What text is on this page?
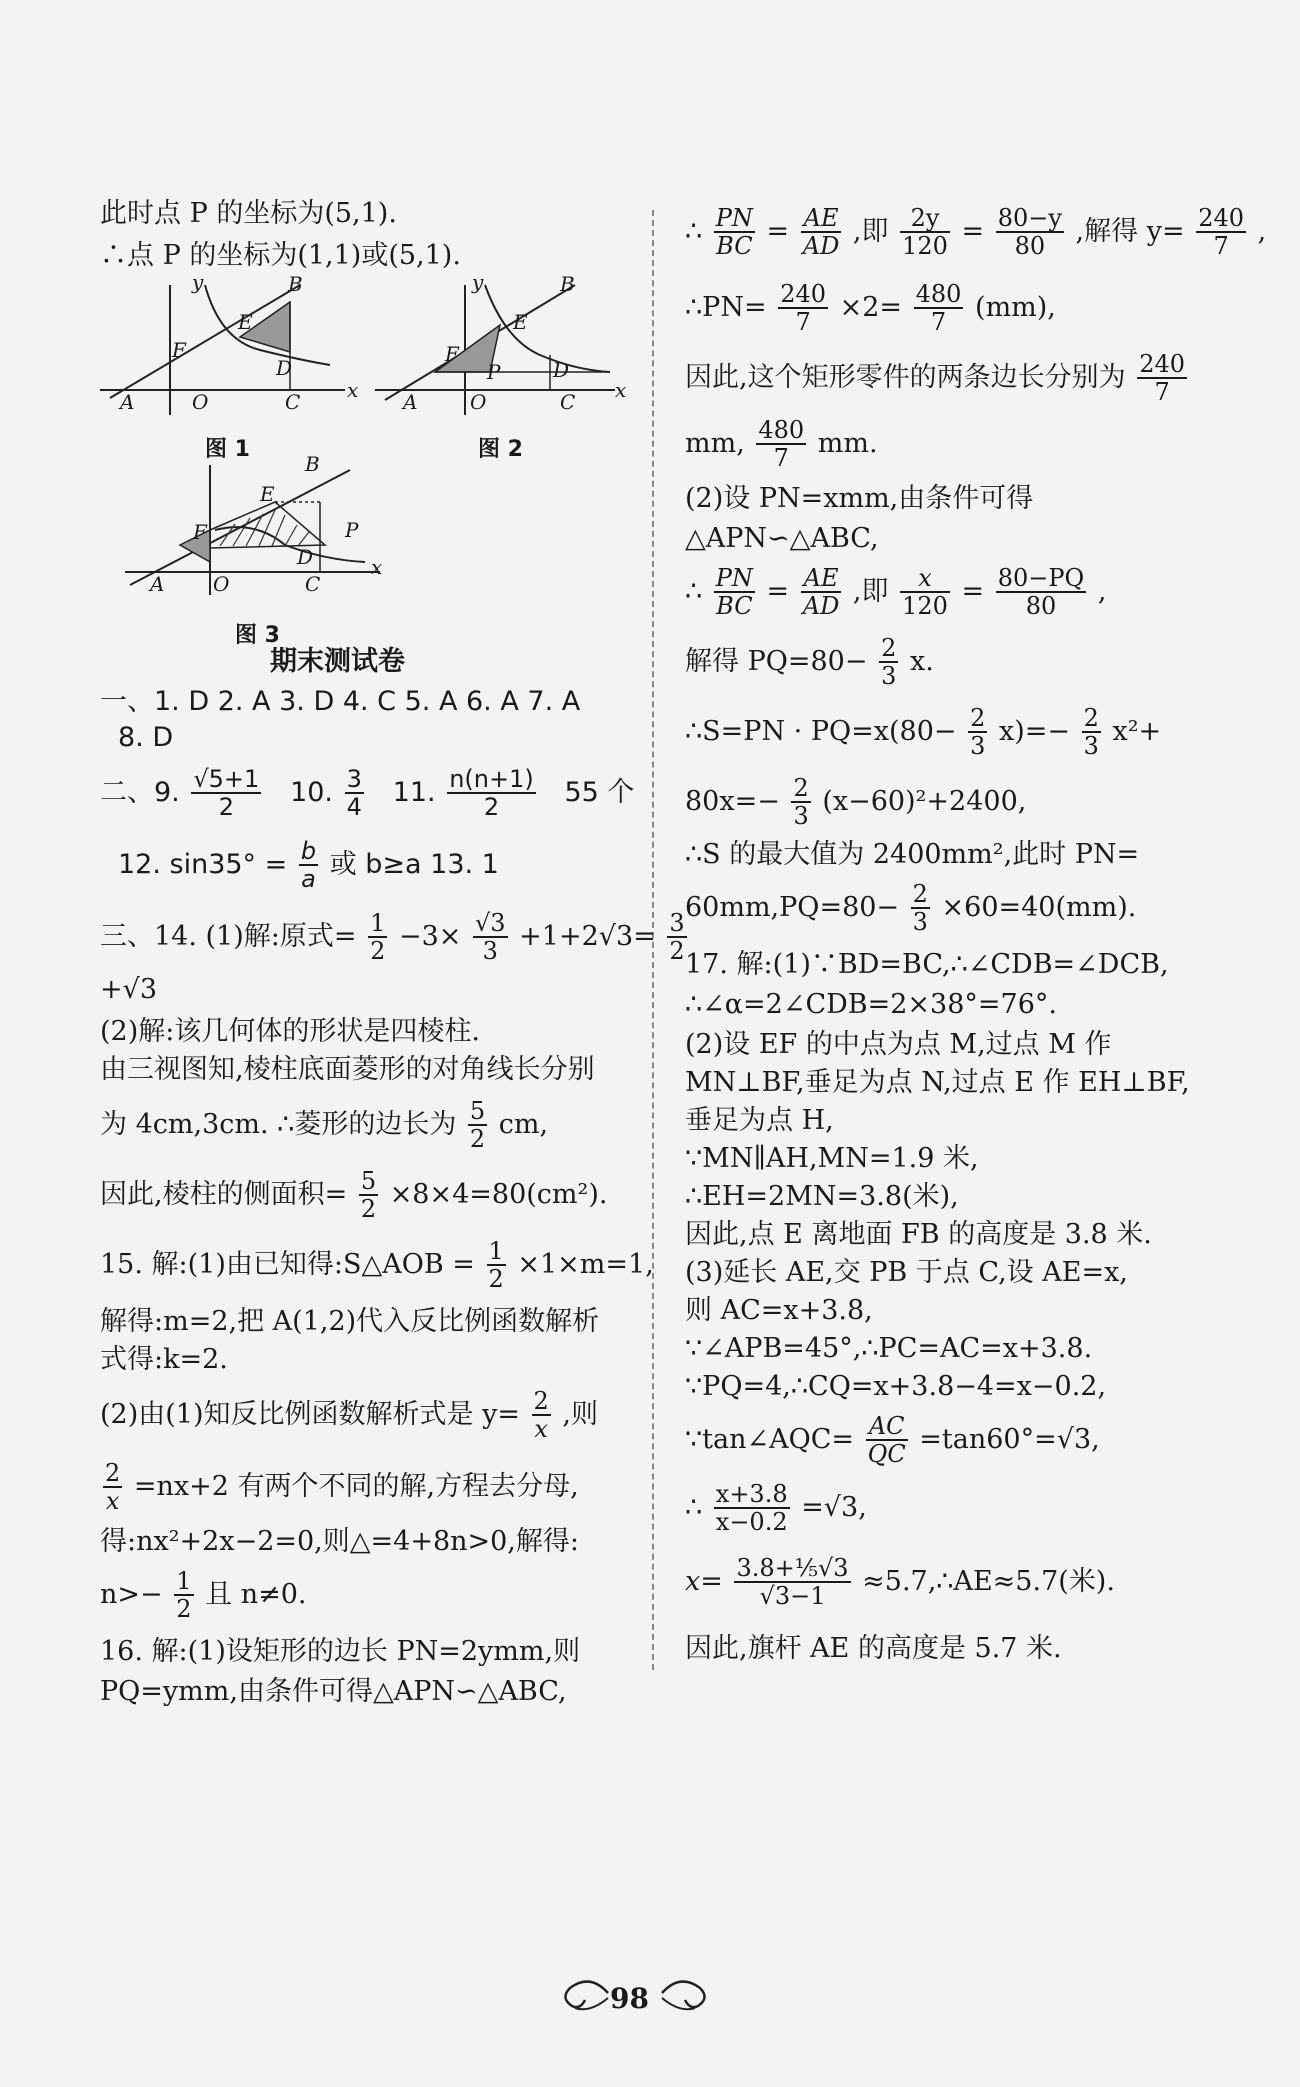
此时点 P 的坐标为(5,1).
∴点 P 的坐标为(1,1)或(5,1).
A	O	C
B
E
F
D
x
y
图 1
A	O	C
B
E
F
P	D
x
y
图 2
A O	C
B
E
F
D
P
x
图 3
期末测试卷
一、1. D 2. A 3. D 4. C 5. A 6. A 7. A
8. D
二、9. $\frac{√5+1}{2} 10$. $\frac{3}{4} 11$. $\frac{n(n+1)}{2} 55$ 个
12. $\sin 35^\circ = \frac{b}{a}$ 或 b≥a 13. 1
三、14. (1)解:原式= $\frac{1}{2} -3\times \frac{√3}{3} +1+2√3= \frac{3}{2}$
+√3
(2)解:该几何体的形状是四棱柱.
由三视图知,棱柱底面菱形的对角线长分别
为 4cm,3cm. ∴菱形的边长为 $\frac{5}{2}$ cm,
因此,棱柱的侧面积= $\frac{5}{2} \times 8\times 4=80(cm^2)$.
15. 解:(1)由已知得:S△AOB = $\frac{1}{2} \times 1\times m=1$,
解得:m=2,把 A(1,2)代入反比例函数解析
式得:k=2.
(2)由(1)知反比例函数解析式是 $y= \frac{2}{x}$ ,则
$\frac{2}{x} =nx+2$ 有两个不同的解,方程去分母,
得:nx²+2x−2=0,则△=4+8n>0,解得:
$n>- \frac{1}{2}$ 且 n≠0.
16. 解:(1)设矩形的边长 PN=2ymm,则
PQ=ymm,由条件可得△APN∽△ABC,
∴ $\frac{PN}{BC} = \frac{AE}{AD}$ ,即 $\frac{2y}{120} = \frac{80-y}{80}$ ,解得 $y= \frac{240}{7}$ ,
∴PN= $\frac{240}{7} \times 2= \frac{480}{7} (mm)$,
因此,这个矩形零件的两条边长分别为 $\frac{240}{7}$
mm, $\frac{480}{7}$ mm.
(2)设 PN=xmm,由条件可得
△APN∽△ABC,
∴ $\frac{PN}{BC} = \frac{AE}{AD}$ ,即 $\frac{x}{120} = \frac{80-PQ}{80}$ ,
解得 $PQ=80- \frac{2}{3} x$.
∴S=PN · $PQ=x(80- \frac{2}{3} x)=- \frac{2}{3} x^2+$
$80x=- \frac{2}{3} (x-60)^2+2400$,
∴S 的最大值为 2400mm²,此时 PN=
$60mm,PQ=80- \frac{2}{3} \times 60=40(mm)$.
17. 解:(1)∵BD=BC,∴∠CDB=∠DCB,
∴∠α=2∠CDB=2×38°=76°.
(2)设 EF 的中点为点 M,过点 M 作
MN⊥BF,垂足为点 N,过点 E 作 EH⊥BF,
垂足为点 H,
∵MN∥AH,MN=1.9 米,
∴EH=2MN=3.8(米),
因此,点 E 离地面 FB 的高度是 3.8 米.
(3)延长 AE,交 PB 于点 C,设 AE=x,
则 AC=x+3.8,
∵∠APB=45°,∴PC=AC=x+3.8.
∵PQ=4,∴CQ=x+3.8−4=x−0.2,
∵tan∠AQC= $\frac{AC}{QC} =\tan 60^\circ=√3$,
∴ $\frac{x+3.8}{x-0.2} =√3$,
$x= \frac{\text{3.8+⅕√3}}{√3-1}$ ≈5.7,∴AE≈5.7(米).
因此,旗杆 AE 的高度是 5.7 米.
98
